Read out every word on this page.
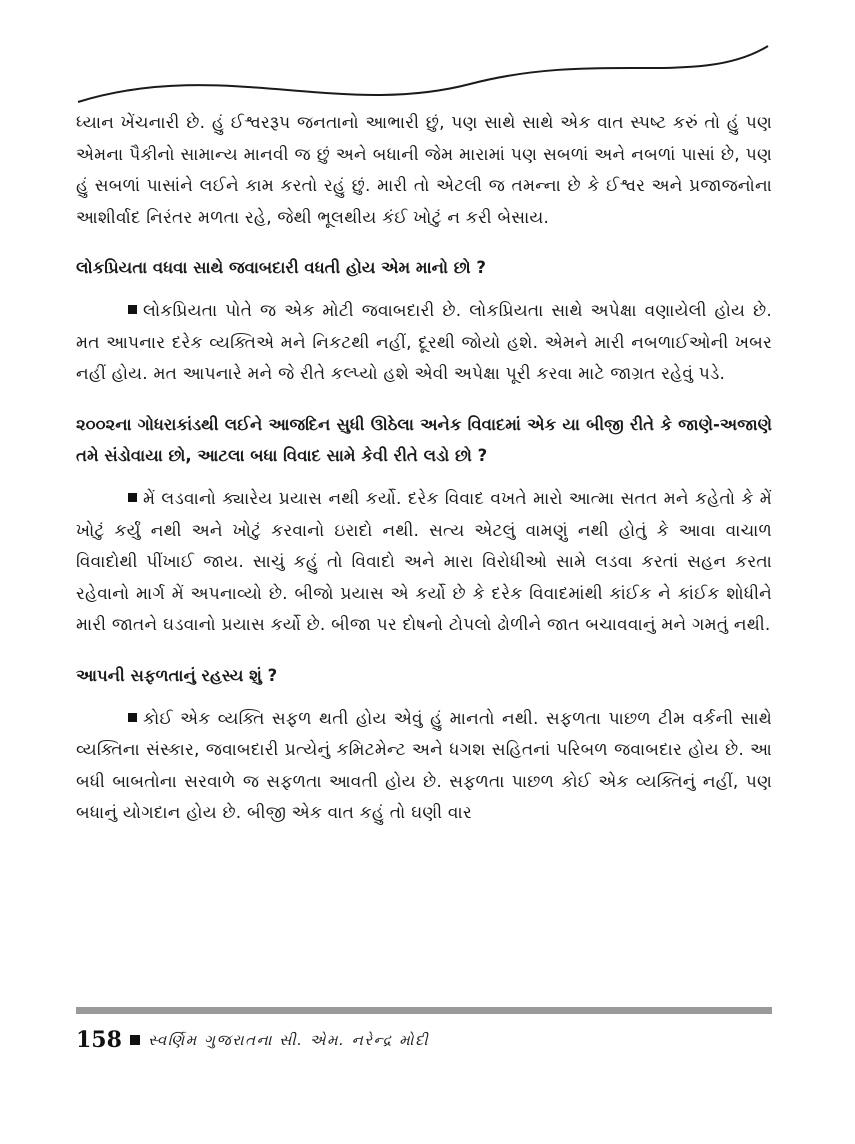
ધ્યાન ખેંચનારી છે. હું ઈશ્વરરૂપ જનતાનો આભારી છું, પણ સાથે સાથે એક વાત સ્પષ્ટ કરું તો હું પણ એમના પૈકીનો સામાન્ય માનવી જ છું અને બધાની જેમ મારામાં પણ સબળાં અને નબળાં પાસાં છે, પણ હું સબળાં પાસાંને લઈને કામ કરતો રહું છું. મારી તો એટલી જ તમન્ના છે કે ઈશ્વર અને પ્રજાજનોના આશીર્વાદ નિરંતર મળતા રહે, જેથી ભૂલથીય કંઈ ખોટું ન કરી બેસાય.

લોકપ્રિયતા વધવા સાથે જવાબદારી વધતી હોય એમ માનો છો ?

લોકપ્રિયતા પોતે જ એક મોટી જવાબદારી છે. લોકપ્રિયતા સાથે અપેક્ષા વણાયેલી હોય છે. મત આપનાર દરેક વ્યક્તિએ મને નિકટથી નહીં, દૂરથી જોયો હશે. એમને મારી નબળાઈઓની ખબર નહીં હોય. મત આપનારે મને જે રીતે કલ્પ્યો હશે એવી અપેક્ષા પૂરી કરવા માટે જાગ્રત રહેવું પડે.

૨૦૦૨ના ગોધરાકાંડથી લઈને આજદિન સુધી ઊઠેલા અનેક વિવાદમાં એક યા બીજી રીતે કે જાણે-અજાણે તમે સંડોવાયા છો, આટલા બધા વિવાદ સામે કેવી રીતે લડો છો ?

મેં લડવાનો ક્યારેય પ્રયાસ નથી કર્યો. દરેક વિવાદ વખતે મારો આત્મા સતત મને કહેતો કે મેં ખોટું કર્યું નથી અને ખોટું કરવાનો ઇરાદો નથી. સત્ય એટલું વામણું નથી હોતું કે આવા વાચાળ વિવાદોથી પીંખાઈ જાય. સાચું કહું તો વિવાદો અને મારા વિરોધીઓ સામે લડવા કરતાં સહન કરતા રહેવાનો માર્ગ મેં અપનાવ્યો છે. બીજો પ્રયાસ એ કર્યો છે કે દરેક વિવાદમાંથી કાંઈક ને કાંઈક શોધીને મારી જાતને ઘડવાનો પ્રયાસ કર્યો છે. બીજા પર દોષનો ટોપલો ઢોળીને જાત બચાવવાનું મને ગમતું નથી.

આપની સફળતાનું રહસ્ય શું ?

કોઈ એક વ્યક્તિ સફળ થતી હોય એવું હું માનતો નથી. સફળતા પાછળ ટીમ વર્કની સાથે વ્યક્તિના સંસ્કાર, જવાબદારી પ્રત્યેનું કમિટમેન્ટ અને ધગશ સહિતનાં પરિબળ જવાબદાર હોય છે. આ બધી બાબતોના સરવાળે જ સફળતા આવતી હોય છે. સફળતા પાછળ કોઈ એક વ્યક્તિનું નહીં, પણ બધાનું યોગદાન હોય છે. બીજી એક વાત કહું તો ઘણી વાર

158 સ્વર્ણિમ ગુજરાતના સી. એમ. નરેન્દ્ર મોદી
